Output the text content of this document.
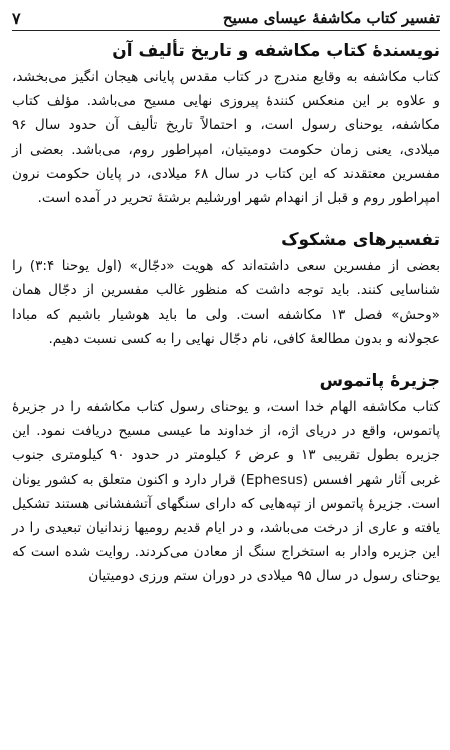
تفسیر کتاب مکاشفهٔ عیسای مسیح
۷
نویسندهٔ کتاب مکاشفه و تاریخ تألیف آن

کتاب مکاشفه به وقایع مندرج در کتاب مقدس پایانی هیجان انگیز می‌بخشد، و علاوه بر این منعکس کنندهٔ پیروزی نهایی مسیح می‌باشد. مؤلف کتاب مکاشفه، یوحنای رسول است، و احتمالاً تاریخ تألیف آن حدود سال ۹۶ میلادی، یعنی زمان حکومت دومیتیان، امپراطور روم، می‌باشد. بعضی از مفسرین معتقدند که این کتاب در سال ۶۸ میلادی، در پایان حکومت نرون امپراطور روم و قبل از انهدام شهر اورشلیم برشتهٔ تحریر در آمده است.

تفسیرهای مشکوک

بعضی از مفسرین سعی داشته‌اند که هویت «دجّال» (اول یوحنا ۳:۴) را شناسایی کنند. باید توجه داشت که منظور غالب مفسرین از دجّال همان «وحش» فصل ۱۳ مکاشفه است. ولی ما باید هوشیار باشیم که مبادا عجولانه و بدون مطالعهٔ کافی، نام دجّال نهایی را به کسی نسبت دهیم.

جزیرهٔ پاتموس

کتاب مکاشفه الهام خدا است، و یوحنای رسول کتاب مکاشفه را در جزیرهٔ پاتموس، واقع در دریای اژه، از خداوند ما عیسی مسیح دریافت نمود. این جزیره بطول تقریبی ۱۳ و عرض ۶ کیلومتر در حدود ۹۰ کیلومتری جنوب غربی آثار شهر افسس (Ephesus) قرار دارد و اکنون متعلق به کشور یونان است. جزیرهٔ پاتموس از تپه‌هایی که دارای سنگهای آتشفشانی هستند تشکیل یافته و عاری از درخت می‌باشد، و در ایام قدیم رومیها زندانیان تبعیدی را در این جزیره وادار به استخراج سنگ از معادن می‌کردند. روایت شده است که یوحنای رسول در سال ۹۵ میلادی در دوران ستم ورزی دومیتیان
